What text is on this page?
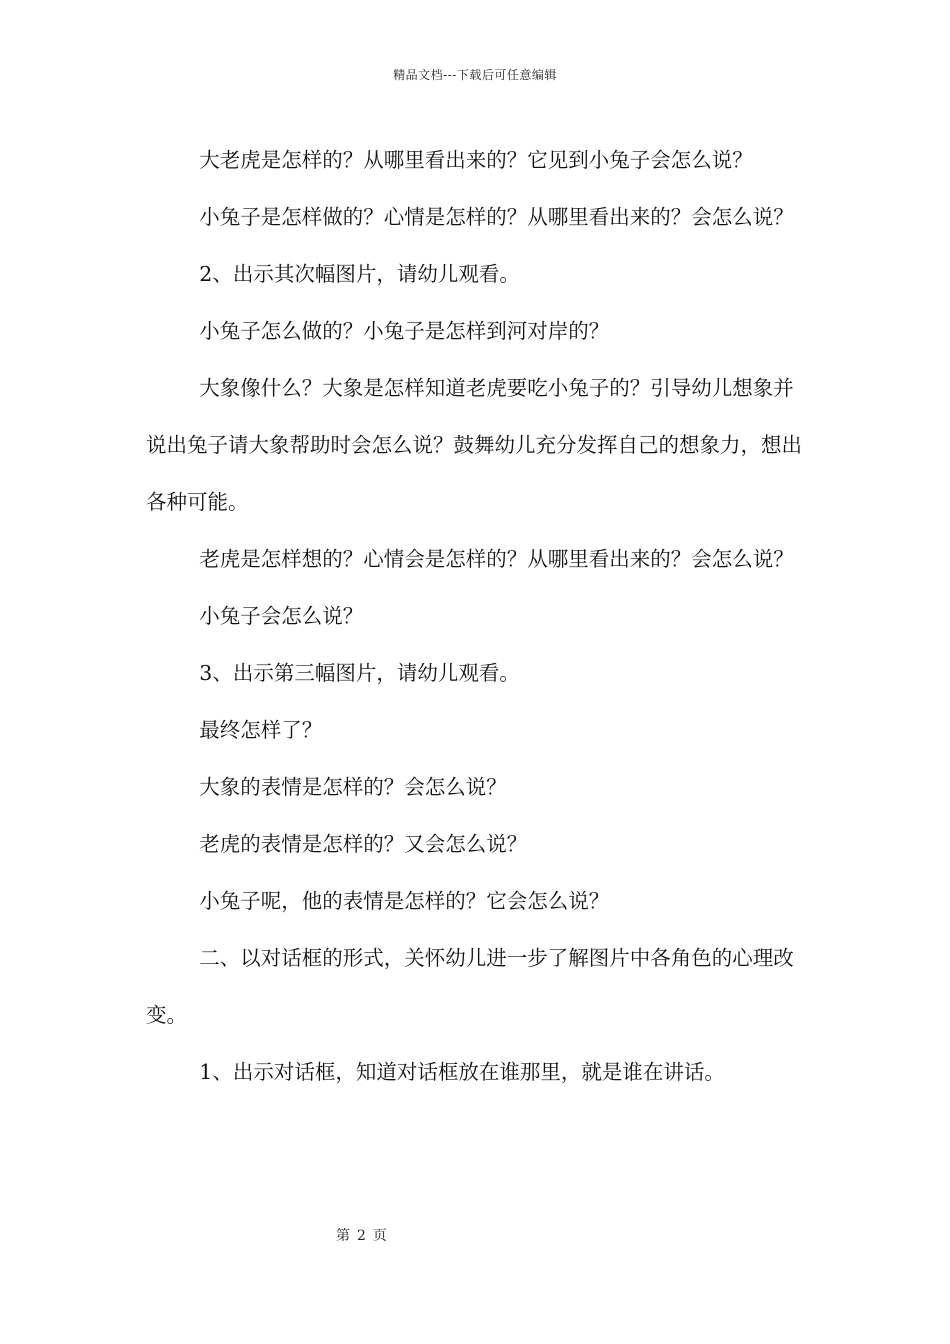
精品文档---下载后可任意编辑

大老虎是怎样的？从哪里看出来的？它见到小兔子会怎么说？

小兔子是怎样做的？心情是怎样的？从哪里看出来的？会怎么说？

2、出示其次幅图片，请幼儿观看。

小兔子怎么做的？小兔子是怎样到河对岸的？

大象像什么？大象是怎样知道老虎要吃小兔子的？引导幼儿想象并说出兔子请大象帮助时会怎么说？鼓舞幼儿充分发挥自己的想象力，想出各种可能。

老虎是怎样想的？心情会是怎样的？从哪里看出来的？会怎么说？

小兔子会怎么说？

3、出示第三幅图片，请幼儿观看。

最终怎样了？

大象的表情是怎样的？会怎么说？

老虎的表情是怎样的？又会怎么说？

小兔子呢，他的表情是怎样的？它会怎么说？

二、以对话框的形式，关怀幼儿进一步了解图片中各角色的心理改变。

1、出示对话框，知道对话框放在谁那里，就是谁在讲话。

第 2 页
